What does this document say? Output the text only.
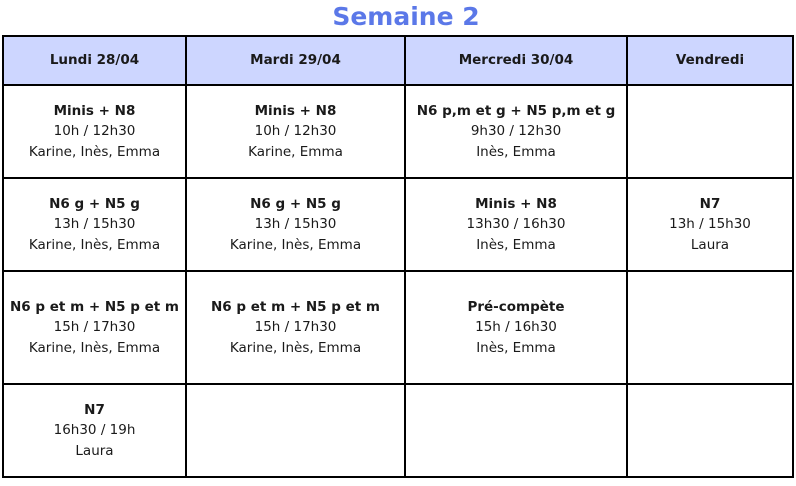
Semaine 2
Lundi 28/04	Mardi 29/04	Mercredi 30/04	Vendredi

Minis + N8
10h / 12h30
Karine, Inès, Emma	Minis + N8
10h / 12h30
Karine, Emma	N6 p,m et g + N5 p,m et g
9h30 / 12h30
Inès, Emma	

N6 g + N5 g
13h / 15h30
Karine, Inès, Emma	N6 g + N5 g
13h / 15h30
Karine, Inès, Emma	Minis + N8
13h30 / 16h30
Inès, Emma	N7
13h / 15h30
Laura

N6 p et m + N5 p et m
15h / 17h30
Karine, Inès, Emma	N6 p et m + N5 p et m
15h / 17h30
Karine, Inès, Emma	Pré-compète
15h / 16h30
Inès, Emma	

N7
16h30 / 19h
Laura			
